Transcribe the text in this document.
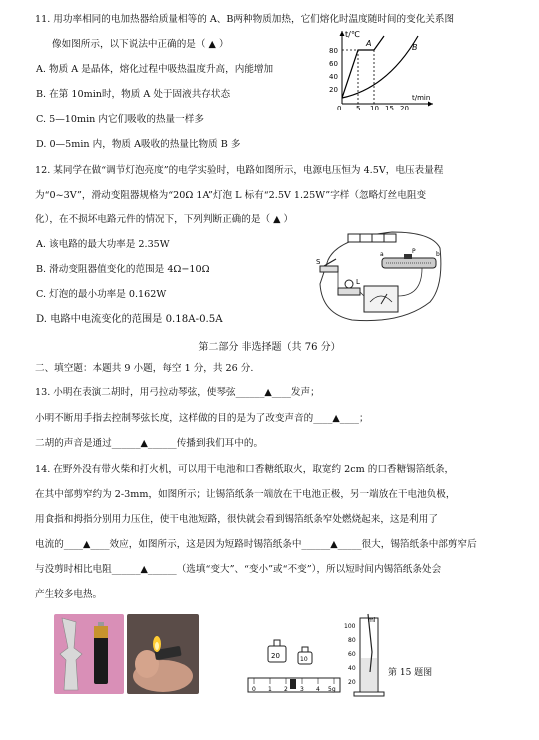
11. 用功率相同的电加热器给质量相等的 A、B两种物质加热，它们熔化时温度随时间的变化关系图
像如图所示，以下说法中正确的是（ ▲ ）
A. 物质 A 是晶体，熔化过程中吸热温度升高，内能增加
B. 在第 10min时，物质 A 处于固液共存状态
C. 5—10min 内它们吸收的热量一样多
D. 0—5min 内，物质 A吸收的热量比物质 B 多
t/℃
t/min
80
60
40
20
0 5 10 15 20
A	B
12. 某同学在做“调节灯泡亮度”的电学实验时，电路如图所示，电源电压恒为 4.5V，电压表量程
为“0~3V”，滑动变阻器规格为“20Ω 1A”灯泡 L 标有“2.5V 1.25W”字样（忽略灯丝电阻变
化），在不损坏电路元件的情况下，下列判断正确的是（ ▲ ）
A. 该电路的最大功率是 2.35W
B. 滑动变阻器值变化的范围是 4Ω−10Ω
C. 灯泡的最小功率是 0.162W
D. 电路中电流变化的范围是 0.18A-0.5A
S
P
a	b
L
第二部分 非选择题（共 76 分）
二、填空题：本题共 9 小题，每空 1 分，共 26 分.
13. 小明在表演二胡时，用弓拉动琴弦，使琴弦______▲____发声；
小明不断用手指去控制琴弦长度，这样做的目的是为了改变声音的____▲____；
二胡的声音是通过______▲______传播到我们耳中的。
14. 在野外没有带火柴和打火机，可以用干电池和口香糖纸取火，取宽约 2cm 的口香糖锡箔纸条，
在其中部剪窄约为 2-3mm，如图所示；让锡箔纸条一端放在干电池正极，另一端放在干电池负极，
用食指和拇指分别用力压住，使干电池短路，很快就会看到锡箔纸条窄处燃烧起来，这是利用了
电流的____▲____效应，如图所示，这是因为短路时锡箔纸条中______▲_____很大，锡箔纸条中部剪窄后
与没剪时相比电阻______▲______（选填“变大”、“变小”或“不变”），所以短时间内锡箔纸条处会
产生较多电热。
20	10
0 1 2 3 4 5g
ml
100
80
60
40
20
第 15 题图
